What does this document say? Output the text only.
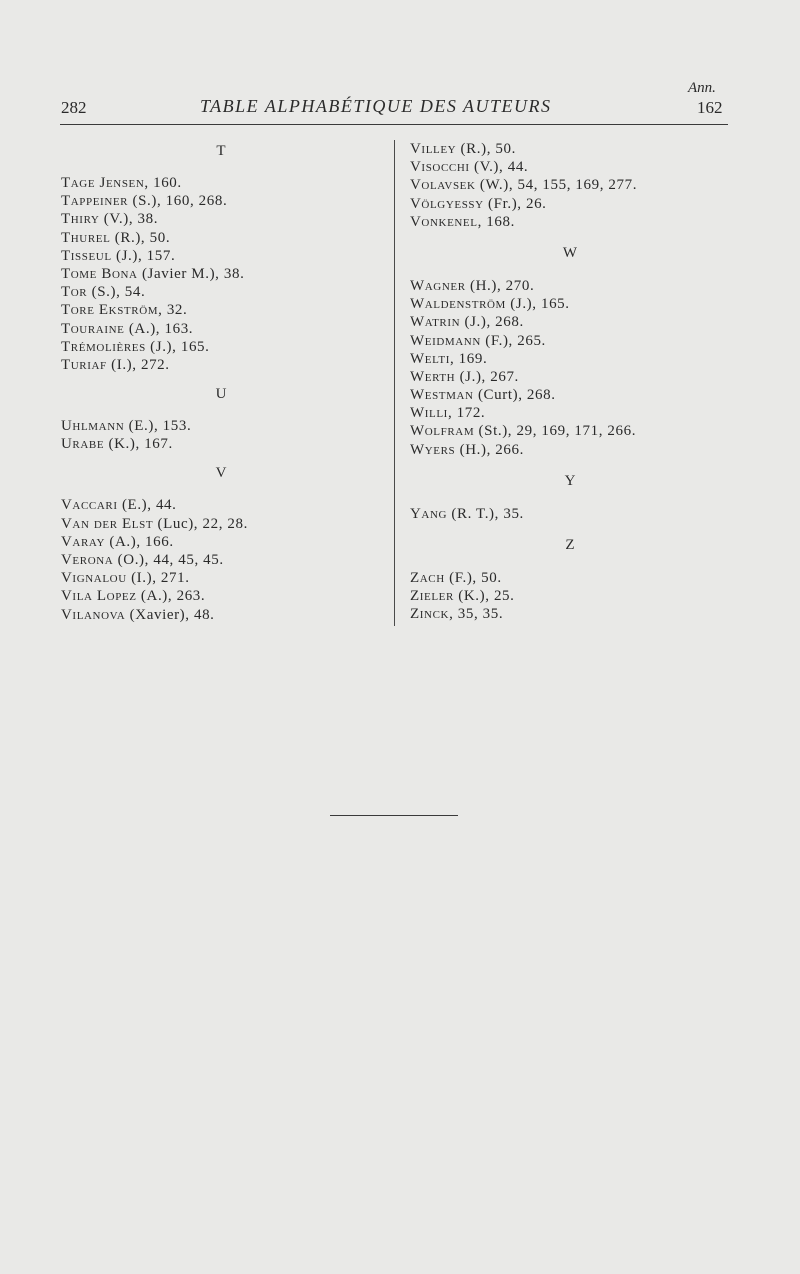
282	TABLE ALPHABÉTIQUE DES AUTEURS
Ann.
162
T
Tage Jensen, 160.
Tappeiner (S.), 160, 268.
Thiry (V.), 38.
Thurel (R.), 50.
Tisseul (J.), 157.
Tome Bona (Javier M.), 38.
Tor (S.), 54.
Tore Ekström, 32.
Touraine (A.), 163.
Trémolières (J.), 165.
Turiaf (I.), 272.
U
Uhlmann (E.), 153.
Urabe (K.), 167.
V
Vaccari (E.), 44.
Van der Elst (Luc), 22, 28.
Varay (A.), 166.
Verona (O.), 44, 45, 45.
Vignalou (I.), 271.
Vila Lopez (A.), 263.
Vilanova (Xavier), 48.
Villey (R.), 50.
Visocchi (V.), 44.
Volavsek (W.), 54, 155, 169, 277.
Völgyessy (Fr.), 26.
Vonkenel, 168.
W
Wagner (H.), 270.
Waldenström (J.), 165.
Watrin (J.), 268.
Weidmann (F.), 265.
Welti, 169.
Werth (J.), 267.
Westman (Curt), 268.
Willi, 172.
Wolfram (St.), 29, 169, 171, 266.
Wyers (H.), 266.
Y
Yang (R. T.), 35.
Z
Zach (F.), 50.
Zieler (K.), 25.
Zinck, 35, 35.
